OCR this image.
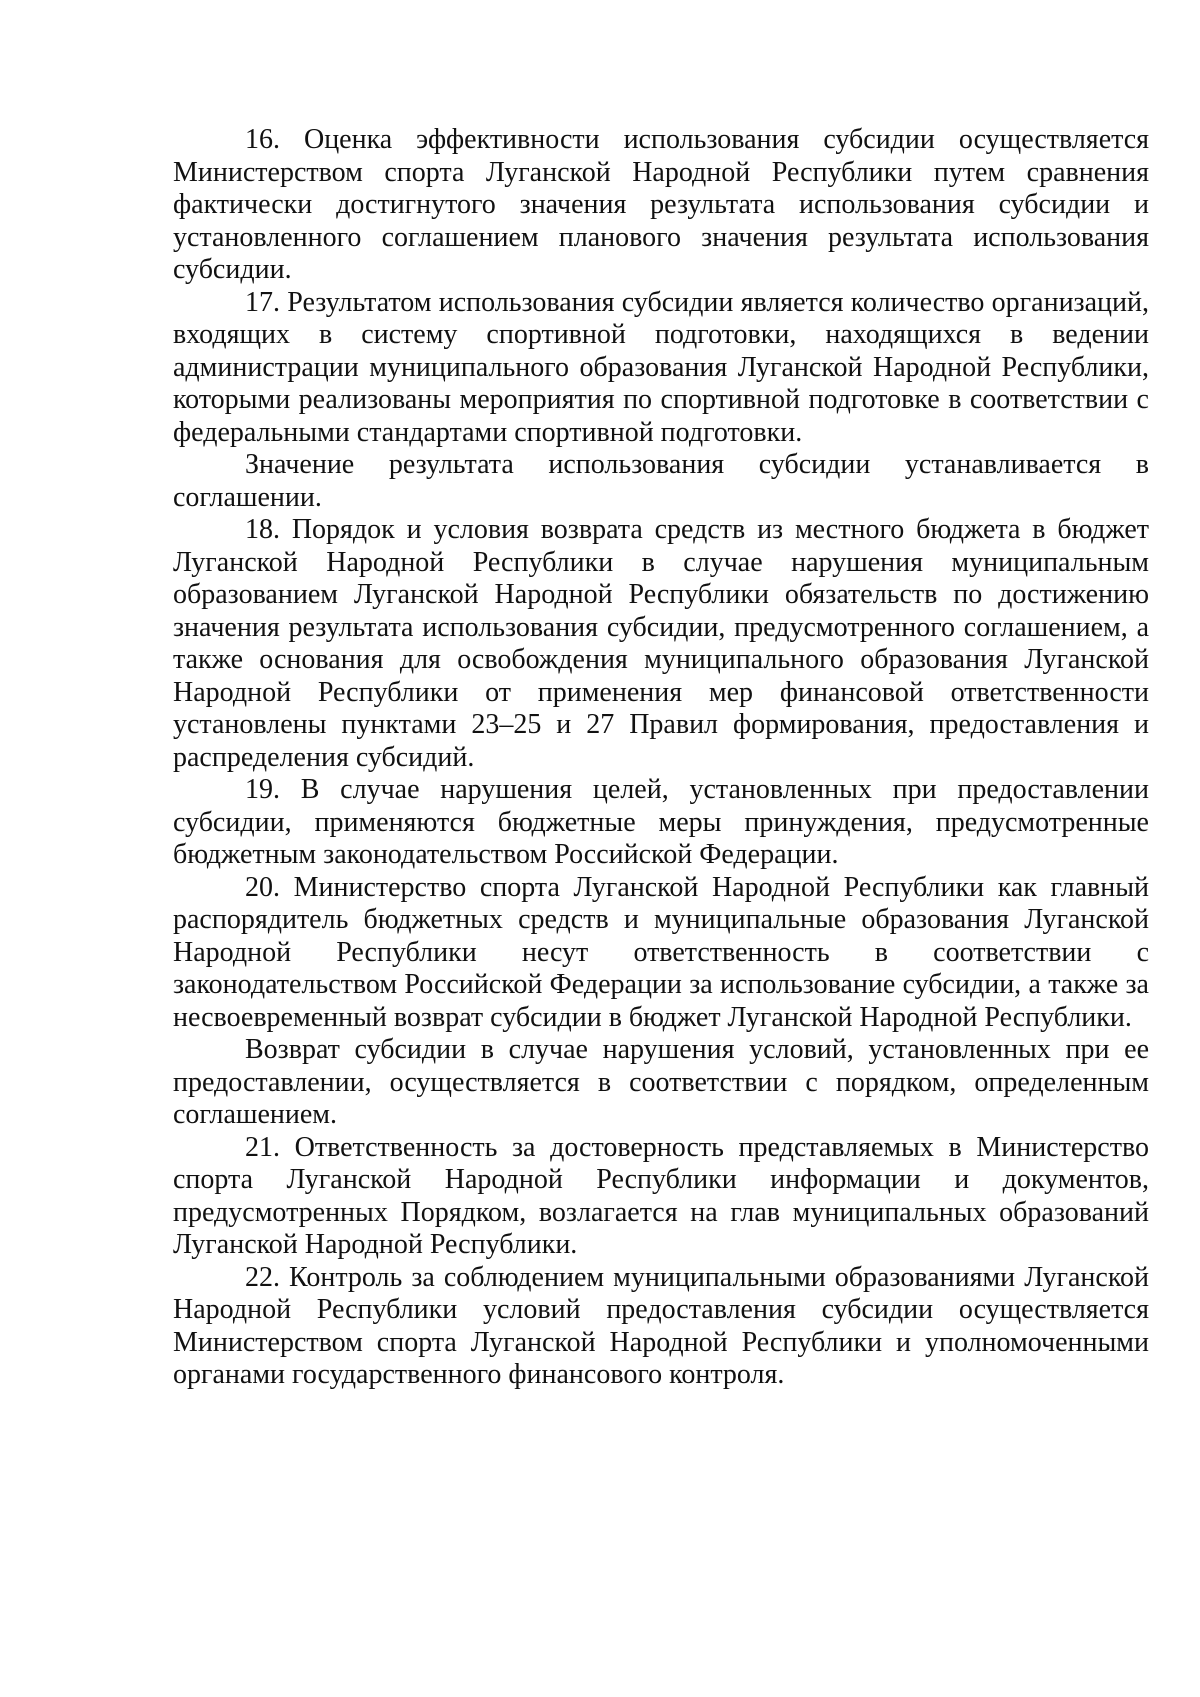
16. Оценка эффективности использования субсидии осуществляется Министерством спорта Луганской Народной Республики путем сравнения фактически достигнутого значения результата использования субсидии и установленного соглашением планового значения результата использования субсидии.

17. Результатом использования субсидии является количество организаций, входящих в систему спортивной подготовки, находящихся в ведении администрации муниципального образования Луганской Народной Республики, которыми реализованы мероприятия по спортивной подготовке в соответствии с федеральными стандартами спортивной подготовки.

Значение результата использования субсидии устанавливается в соглашении.

18. Порядок и условия возврата средств из местного бюджета в бюджет Луганской Народной Республики в случае нарушения муниципальным образованием Луганской Народной Республики обязательств по достижению значения результата использования субсидии, предусмотренного соглашением, а также основания для освобождения муниципального образования Луганской Народной Республики от применения мер финансовой ответственности установлены пунктами 23–25 и 27 Правил формирования, предоставления и распределения субсидий.

19. В случае нарушения целей, установленных при предоставлении субсидии, применяются бюджетные меры принуждения, предусмотренные бюджетным законодательством Российской Федерации.

20. Министерство спорта Луганской Народной Республики как главный распорядитель бюджетных средств и муниципальные образования Луганской Народной Республики несут ответственность в соответствии с законодательством Российской Федерации за использование субсидии, а также за несвоевременный возврат субсидии в бюджет Луганской Народной Республики.

Возврат субсидии в случае нарушения условий, установленных при ее предоставлении, осуществляется в соответствии с порядком, определенным соглашением.

21. Ответственность за достоверность представляемых в Министерство спорта Луганской Народной Республики информации и документов, предусмотренных Порядком, возлагается на глав муниципальных образований Луганской Народной Республики.

22. Контроль за соблюдением муниципальными образованиями Луганской Народной Республики условий предоставления субсидии осуществляется Министерством спорта Луганской Народной Республики и уполномоченными органами государственного финансового контроля.
